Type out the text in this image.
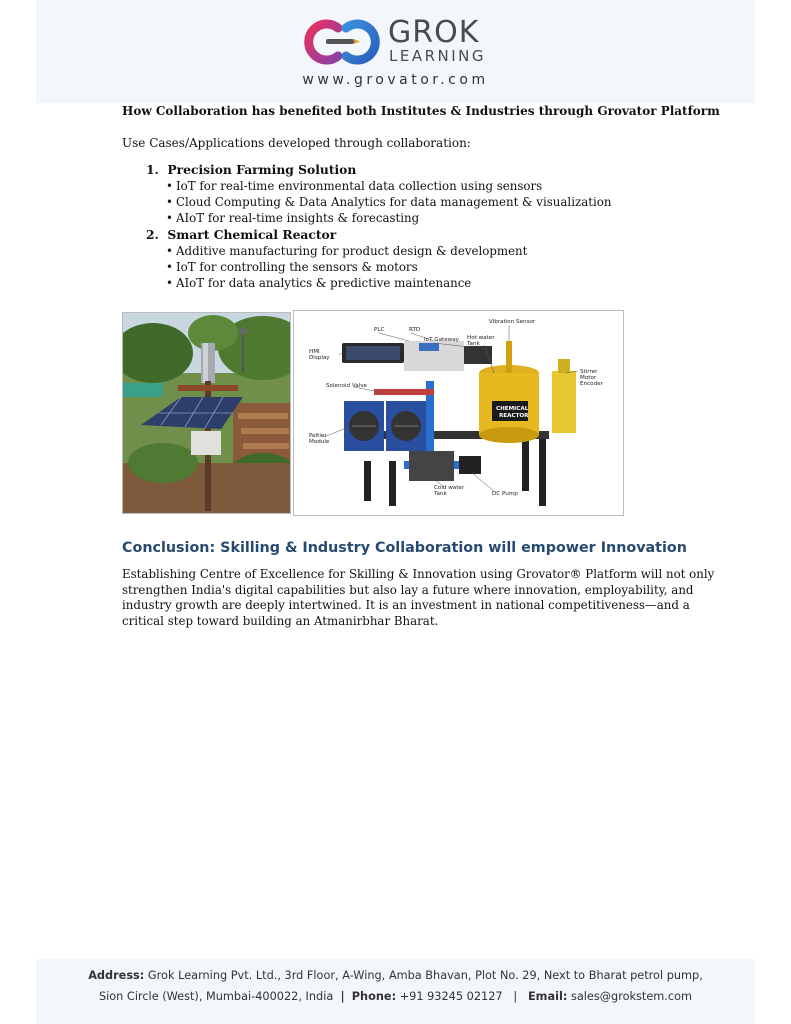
GROK
LEARNING
www.grovator.com
How Collaboration has benefited both Institutes & Industries through Grovator Platform
Use Cases/Applications developed through collaboration:
1. Precision Farming Solution
• IoT for real-time environmental data collection using sensors
• Cloud Computing & Data Analytics for data management & visualization
• AIoT for real-time insights & forecasting
2. Smart Chemical Reactor
• Additive manufacturing for product design & development
• IoT for controlling the sensors & motors
• AIoT for data analytics & predictive maintenance
PLC	RTD
Vibration Sensor
HMI
Display
IoT Gateway Hot water
Tank
Stirrer
Motor
Encoder
Solenoid Valve
CHEMICAL
REACTOR
Peltier
Module
Cold water
Tank	DC Pump
Conclusion: Skilling & Industry Collaboration will empower Innovation
Establishing Centre of Excellence for Skilling & Innovation using Grovator® Platform will not only
strengthen India's digital capabilities but also lay a future where innovation, employability, and
industry growth are deeply intertwined. It is an investment in national competitiveness—and a
critical step toward building an Atmanirbhar Bharat.
Address: Grok Learning Pvt. Ltd., 3rd Floor, A-Wing, Amba Bhavan, Plot No. 29, Next to Bharat petrol pump,
Sion Circle (West), Mumbai-400022, India | Phone: +91 93245 02127 | Email: sales@grokstem.com
